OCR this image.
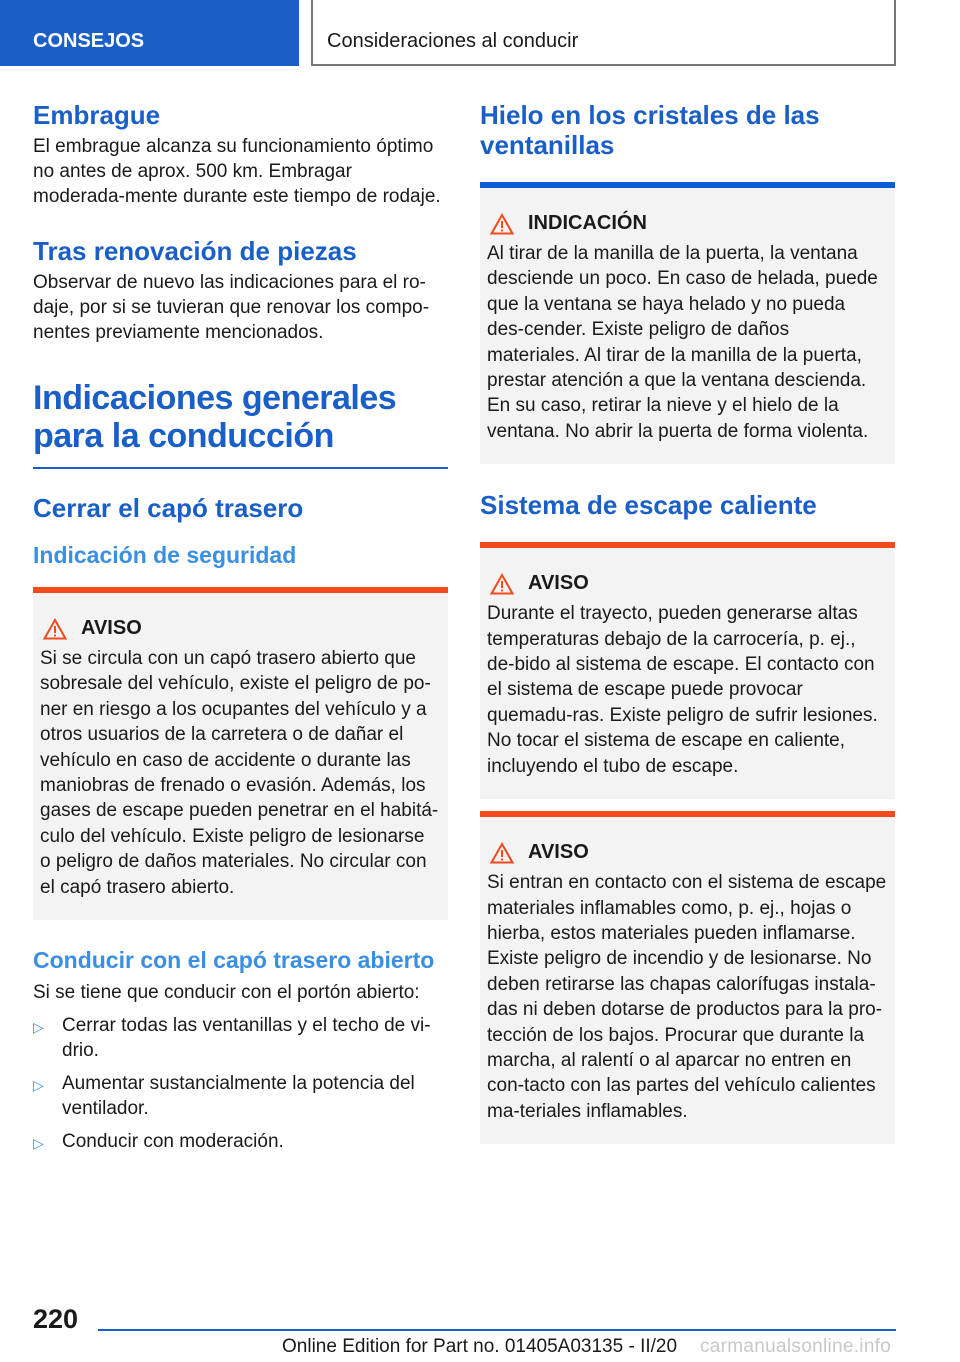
CONSEJOS	Consideraciones al conducir
Embrague

El embrague alcanza su funcionamiento óptimo no antes de aprox. 500 km. Embragar moderada-mente durante este tiempo de rodaje.

Tras renovación de piezas

Observar de nuevo las indicaciones para el ro-daje, por si se tuvieran que renovar los compo-nentes previamente mencionados.

Indicaciones generales para la conducción
Cerrar el capó trasero
Indicación de seguridad
AVISO

Si se circula con un capó trasero abierto que sobresale del vehículo, existe el peligro de po-ner en riesgo a los ocupantes del vehículo y a otros usuarios de la carretera o de dañar el vehículo en caso de accidente o durante las maniobras de frenado o evasión. Además, los gases de escape pueden penetrar en el habitá-culo del vehículo. Existe peligro de lesionarse o peligro de daños materiales. No circular con el capó trasero abierto.

Conducir con el capó trasero abierto

Si se tiene que conducir con el portón abierto:

▷ Cerrar todas las ventanillas y el techo de vi-drio.
▷ Aumentar sustancialmente la potencia del ventilador.
▷ Conducir con moderación.
Hielo en los cristales de las ventanillas
INDICACIÓN

Al tirar de la manilla de la puerta, la ventana desciende un poco. En caso de helada, puede que la ventana se haya helado y no pueda des-cender. Existe peligro de daños materiales. Al tirar de la manilla de la puerta, prestar atención a que la ventana descienda. En su caso, retirar la nieve y el hielo de la ventana. No abrir la puerta de forma violenta.

Sistema de escape caliente
AVISO

Durante el trayecto, pueden generarse altas temperaturas debajo de la carrocería, p. ej., de-bido al sistema de escape. El contacto con el sistema de escape puede provocar quemadu-ras. Existe peligro de sufrir lesiones. No tocar el sistema de escape en caliente, incluyendo el tubo de escape.

AVISO

Si entran en contacto con el sistema de escape materiales inflamables como, p. ej., hojas o hierba, estos materiales pueden inflamarse. Existe peligro de incendio y de lesionarse. No deben retirarse las chapas calorífugas instala-das ni deben dotarse de productos para la pro-tección de los bajos. Procurar que durante la marcha, al ralentí o al aparcar no entren en con-tacto con las partes del vehículo calientes ma-teriales inflamables.

220
Online Edition for Part no. 01405A03135 - II/20 carmanualsonline.info
